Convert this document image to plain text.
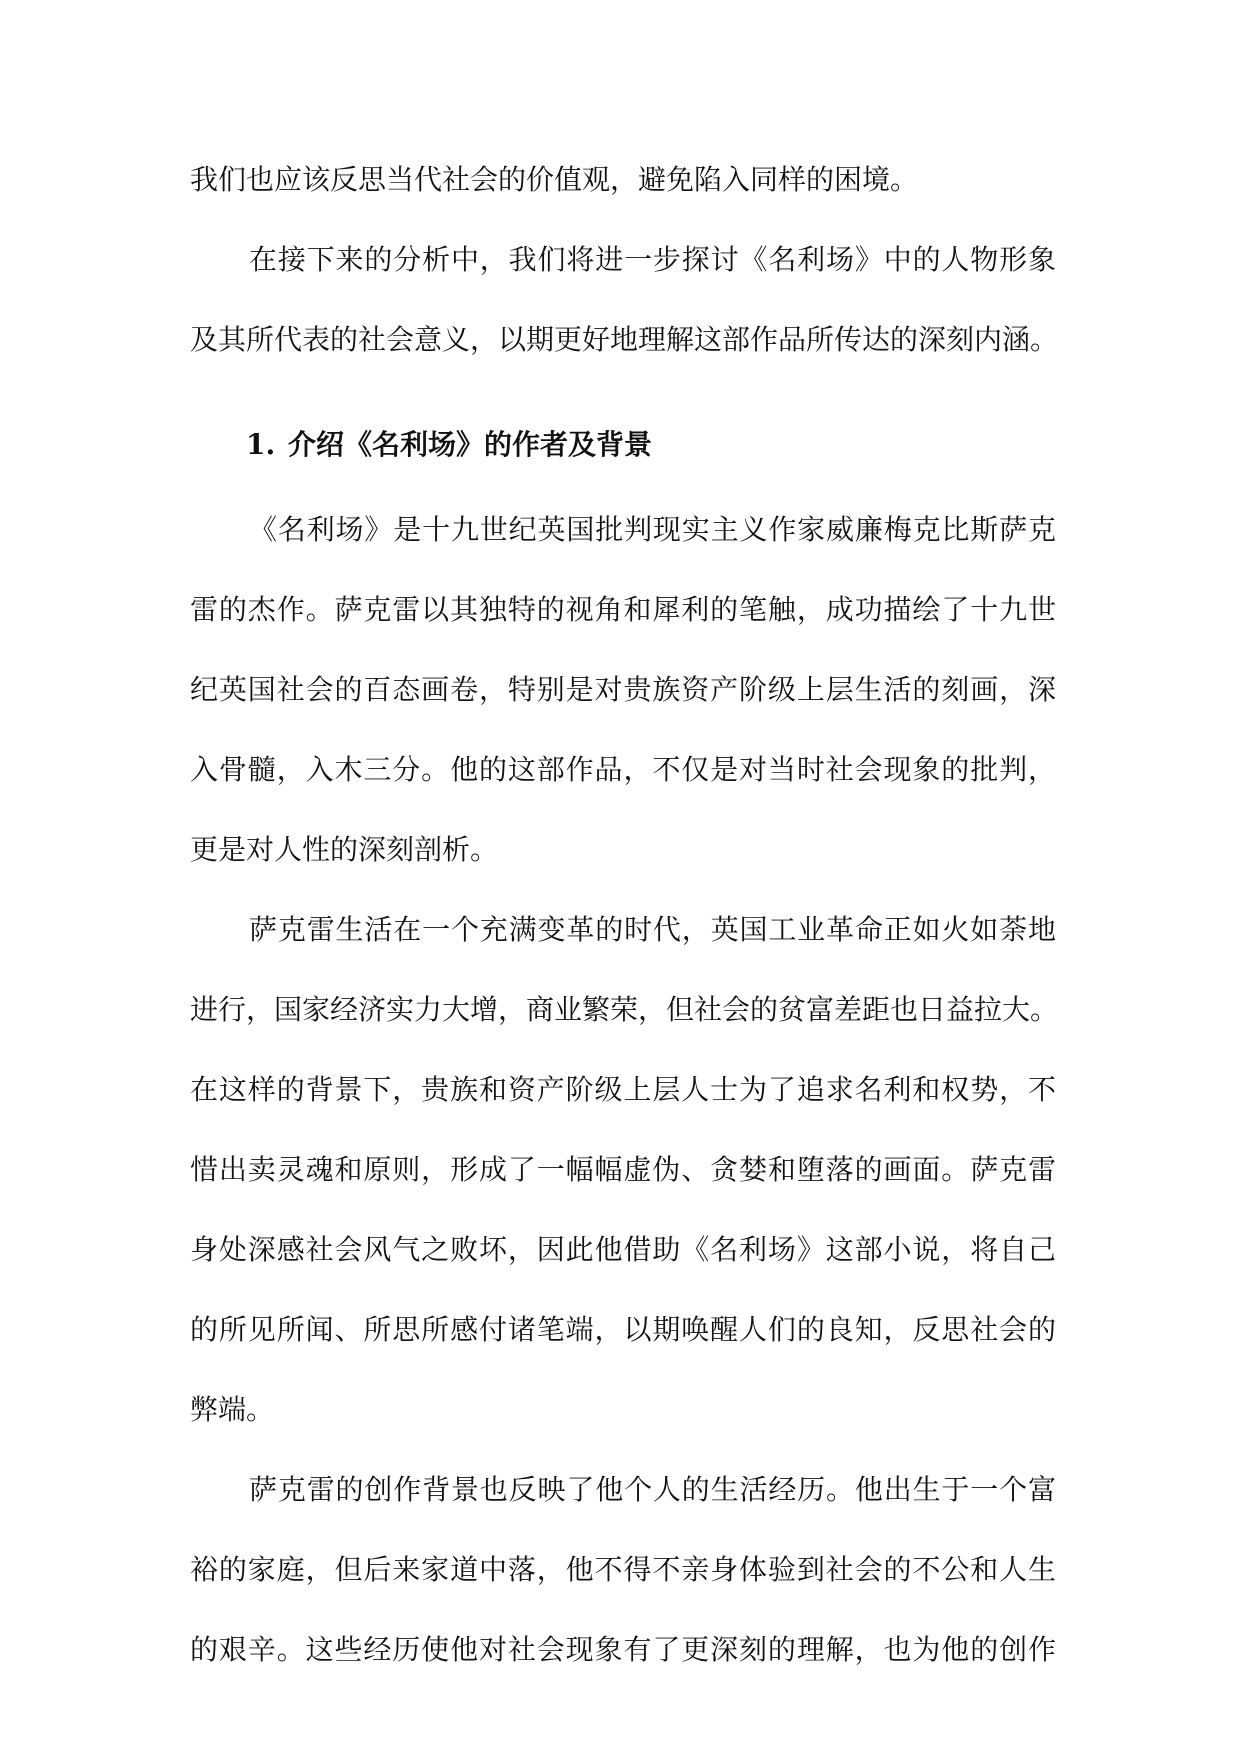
我们也应该反思当代社会的价值观，避免陷入同样的困境。
在接下来的分析中，我们将进一步探讨《名利场》中的人物形象
及其所代表的社会意义，以期更好地理解这部作品所传达的深刻内涵。
1. 介绍《名利场》的作者及背景
《名利场》是十九世纪英国批判现实主义作家威廉梅克比斯萨克
雷的杰作。萨克雷以其独特的视角和犀利的笔触，成功描绘了十九世
纪英国社会的百态画卷，特别是对贵族资产阶级上层生活的刻画，深
入骨髓，入木三分。他的这部作品，不仅是对当时社会现象的批判，
更是对人性的深刻剖析。
萨克雷生活在一个充满变革的时代，英国工业革命正如火如荼地
进行，国家经济实力大增，商业繁荣，但社会的贫富差距也日益拉大。
在这样的背景下，贵族和资产阶级上层人士为了追求名利和权势，不
惜出卖灵魂和原则，形成了一幅幅虚伪、贪婪和堕落的画面。萨克雷
身处深感社会风气之败坏，因此他借助《名利场》这部小说，将自己
的所见所闻、所思所感付诸笔端，以期唤醒人们的良知，反思社会的
弊端。
萨克雷的创作背景也反映了他个人的生活经历。他出生于一个富
裕的家庭，但后来家道中落，他不得不亲身体验到社会的不公和人生
的艰辛。这些经历使他对社会现象有了更深刻的理解，也为他的创作
